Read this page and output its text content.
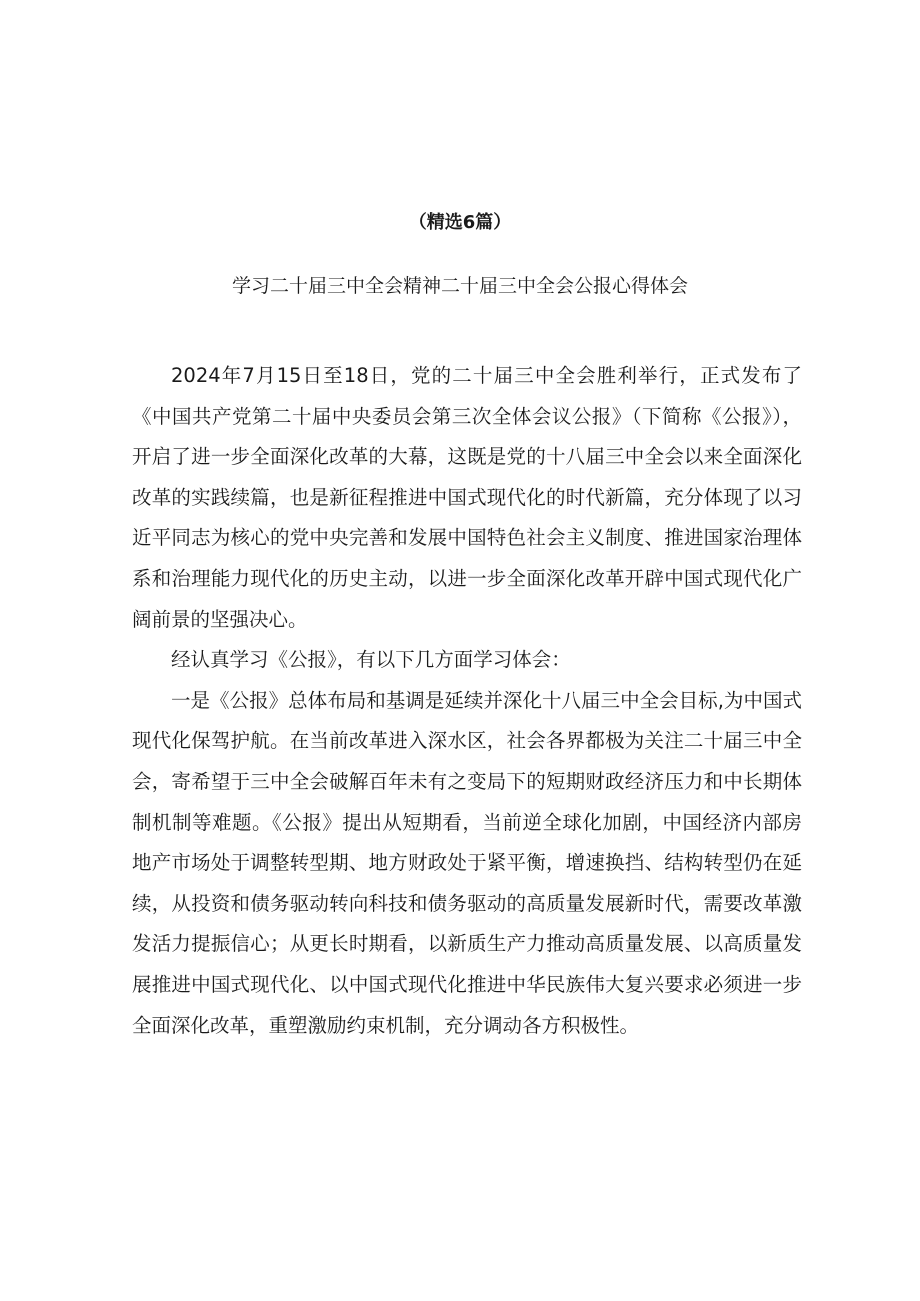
（精选6篇）
学习二十届三中全会精神二十届三中全会公报心得体会

2024年7月15日至18日，党的二十届三中全会胜利举行，正式发布了《中国共产党第二十届中央委员会第三次全体会议公报》（下简称《公报》），开启了进一步全面深化改革的大幕，这既是党的十八届三中全会以来全面深化改革的实践续篇，也是新征程推进中国式现代化的时代新篇，充分体现了以习近平同志为核心的党中央完善和发展中国特色社会主义制度、推进国家治理体系和治理能力现代化的历史主动，以进一步全面深化改革开辟中国式现代化广阔前景的坚强决心。

经认真学习《公报》，有以下几方面学习体会：

一是《公报》总体布局和基调是延续并深化十八届三中全会目标,为中国式现代化保驾护航。在当前改革进入深水区，社会各界都极为关注二十届三中全会，寄希望于三中全会破解百年未有之变局下的短期财政经济压力和中长期体制机制等难题。《公报》提出从短期看，当前逆全球化加剧，中国经济内部房地产市场处于调整转型期、地方财政处于紧平衡，增速换挡、结构转型仍在延续，从投资和债务驱动转向科技和债务驱动的高质量发展新时代，需要改革激发活力提振信心；从更长时期看，以新质生产力推动高质量发展、以高质量发展推进中国式现代化、以中国式现代化推进中华民族伟大复兴要求必须进一步全面深化改革，重塑激励约束机制，充分调动各方积极性。
